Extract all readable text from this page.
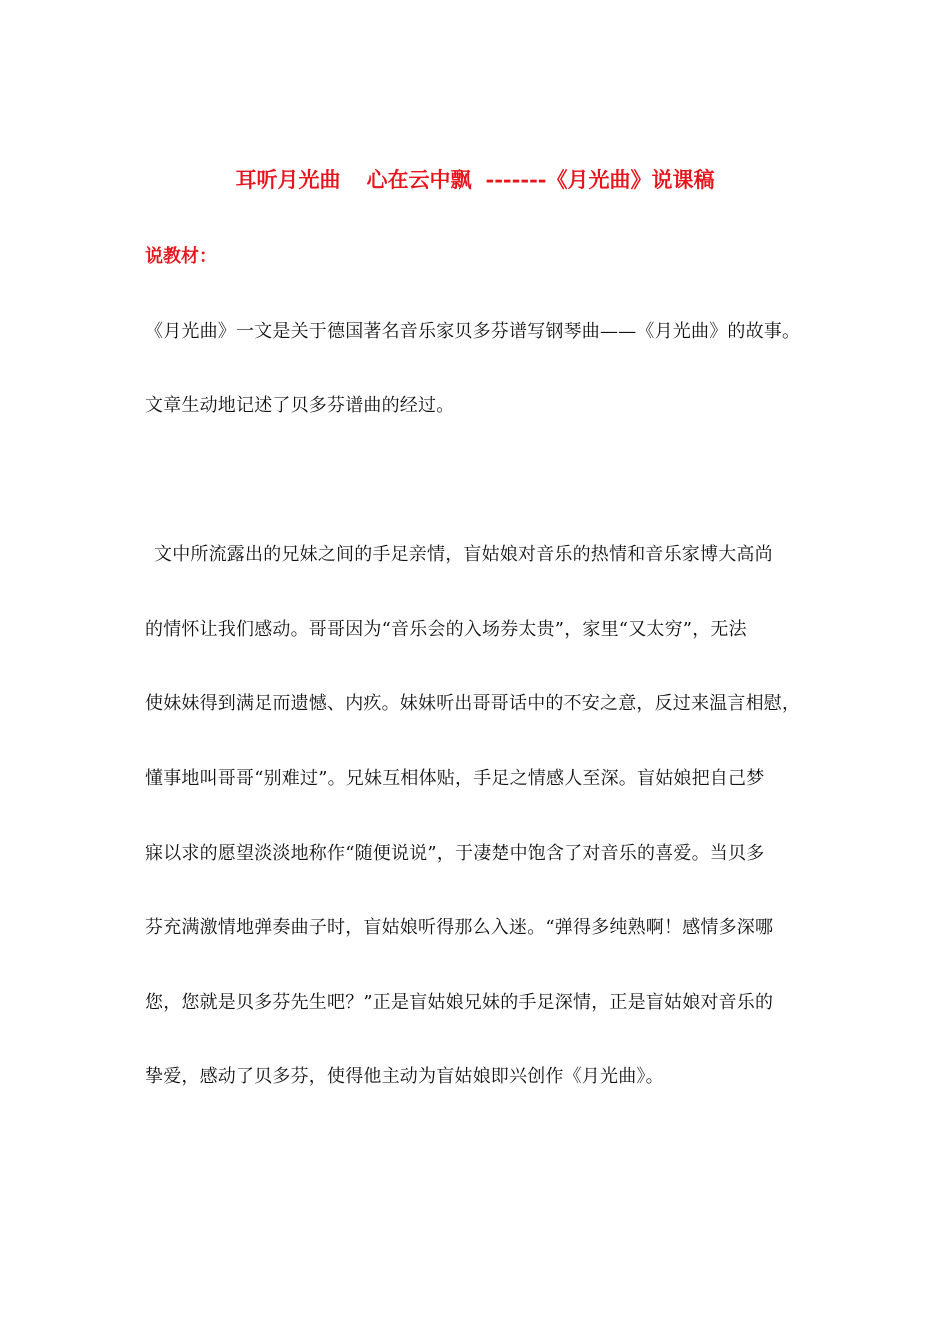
耳听月光曲 心在云中飘 -------《月光曲》说课稿
说教材：
《月光曲》一文是关于德国著名音乐家贝多芬谱写钢琴曲——《月光曲》的故事。
文章生动地记述了贝多芬谱曲的经过。
文中所流露出的兄妹之间的手足亲情，盲姑娘对音乐的热情和音乐家博大高尚
的情怀让我们感动。哥哥因为“音乐会的入场券太贵”，家里“又太穷”，无法
使妹妹得到满足而遗憾、内疚。妹妹听出哥哥话中的不安之意，反过来温言相慰，
懂事地叫哥哥“别难过”。兄妹互相体贴，手足之情感人至深。盲姑娘把自己梦
寐以求的愿望淡淡地称作“随便说说”，于凄楚中饱含了对音乐的喜爱。当贝多
芬充满激情地弹奏曲子时，盲姑娘听得那么入迷。“弹得多纯熟啊！感情多深哪
您，您就是贝多芬先生吧？”正是盲姑娘兄妹的手足深情，正是盲姑娘对音乐的
挚爱，感动了贝多芬，使得他主动为盲姑娘即兴创作《月光曲》。
